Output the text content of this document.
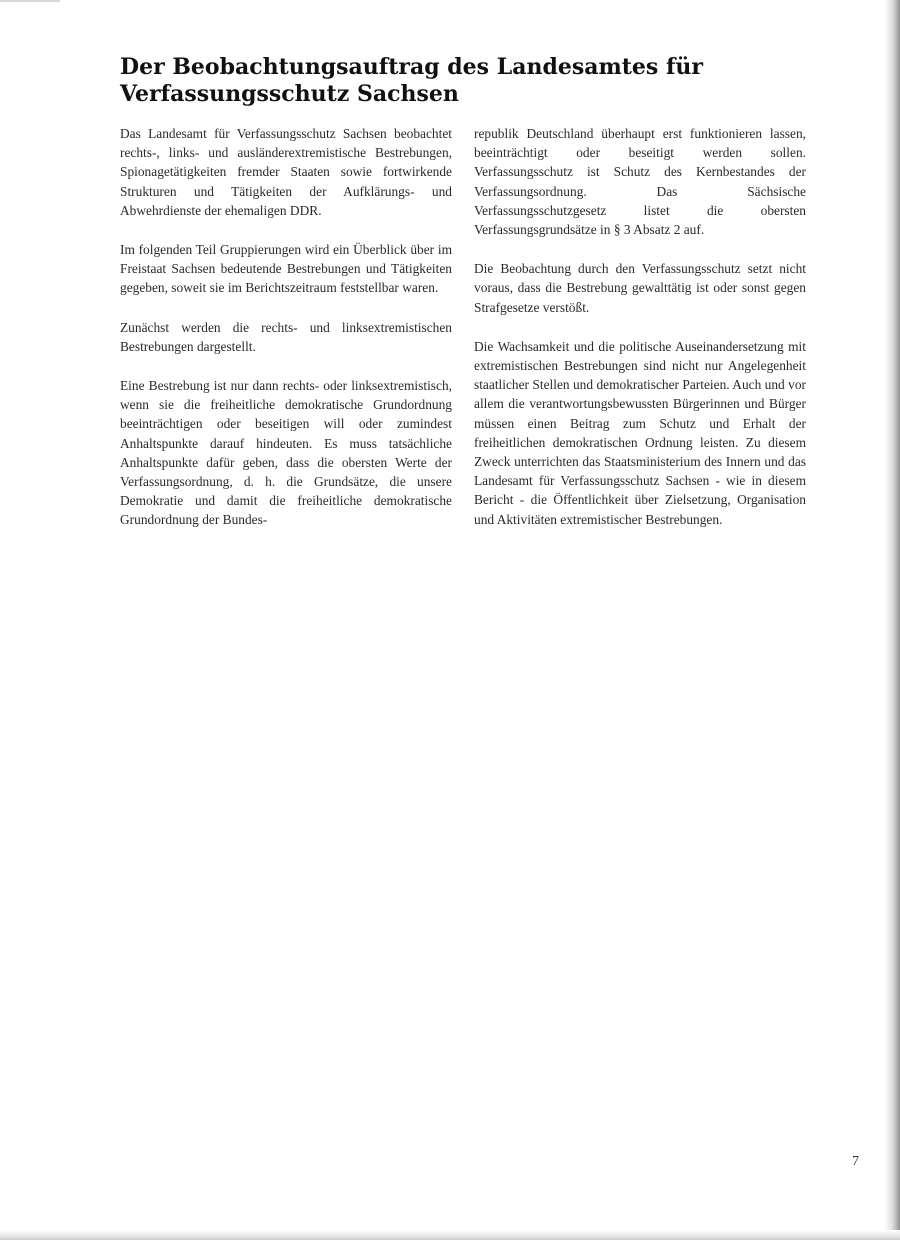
Der Beobachtungsauftrag des Landesamtes für
Verfassungsschutz Sachsen

Das Landesamt für Verfassungsschutz Sachsen beobachtet rechts-, links- und ausländerextremistische Bestrebungen, Spionagetätigkeiten fremder Staaten sowie fortwirkende Strukturen und Tätigkeiten der Aufklärungs- und Abwehrdienste der ehemaligen DDR.

Im folgenden Teil Gruppierungen wird ein Überblick über im Freistaat Sachsen bedeutende Bestrebungen und Tätigkeiten gegeben, soweit sie im Berichtszeitraum feststellbar waren.

Zunächst werden die rechts- und linksextremistischen Bestrebungen dargestellt.

Eine Bestrebung ist nur dann rechts- oder linksextremistisch, wenn sie die freiheitliche demokratische Grundordnung beeinträchtigen oder beseitigen will oder zumindest Anhaltspunkte darauf hindeuten. Es muss tatsächliche Anhaltspunkte dafür geben, dass die obersten Werte der Verfassungsordnung, d. h. die Grundsätze, die unsere Demokratie und damit die freiheitliche demokratische Grundordnung der Bundes-

republik Deutschland überhaupt erst funktionieren lassen, beeinträchtigt oder beseitigt werden sollen. Verfassungsschutz ist Schutz des Kernbestandes der Verfassungsordnung. Das Sächsische Verfassungsschutzgesetz listet die obersten Verfassungsgrundsätze in § 3 Absatz 2 auf.

Die Beobachtung durch den Verfassungsschutz setzt nicht voraus, dass die Bestrebung gewalttätig ist oder sonst gegen Strafgesetze verstößt.

Die Wachsamkeit und die politische Auseinandersetzung mit extremistischen Bestrebungen sind nicht nur Angelegenheit staatlicher Stellen und demokratischer Parteien. Auch und vor allem die verantwortungsbewussten Bürgerinnen und Bürger müssen einen Beitrag zum Schutz und Erhalt der freiheitlichen demokratischen Ordnung leisten. Zu diesem Zweck unterrichten das Staatsministerium des Innern und das Landesamt für Verfassungsschutz Sachsen - wie in diesem Bericht - die Öffentlichkeit über Zielsetzung, Organisation und Aktivitäten extremistischer Bestrebungen.

7
